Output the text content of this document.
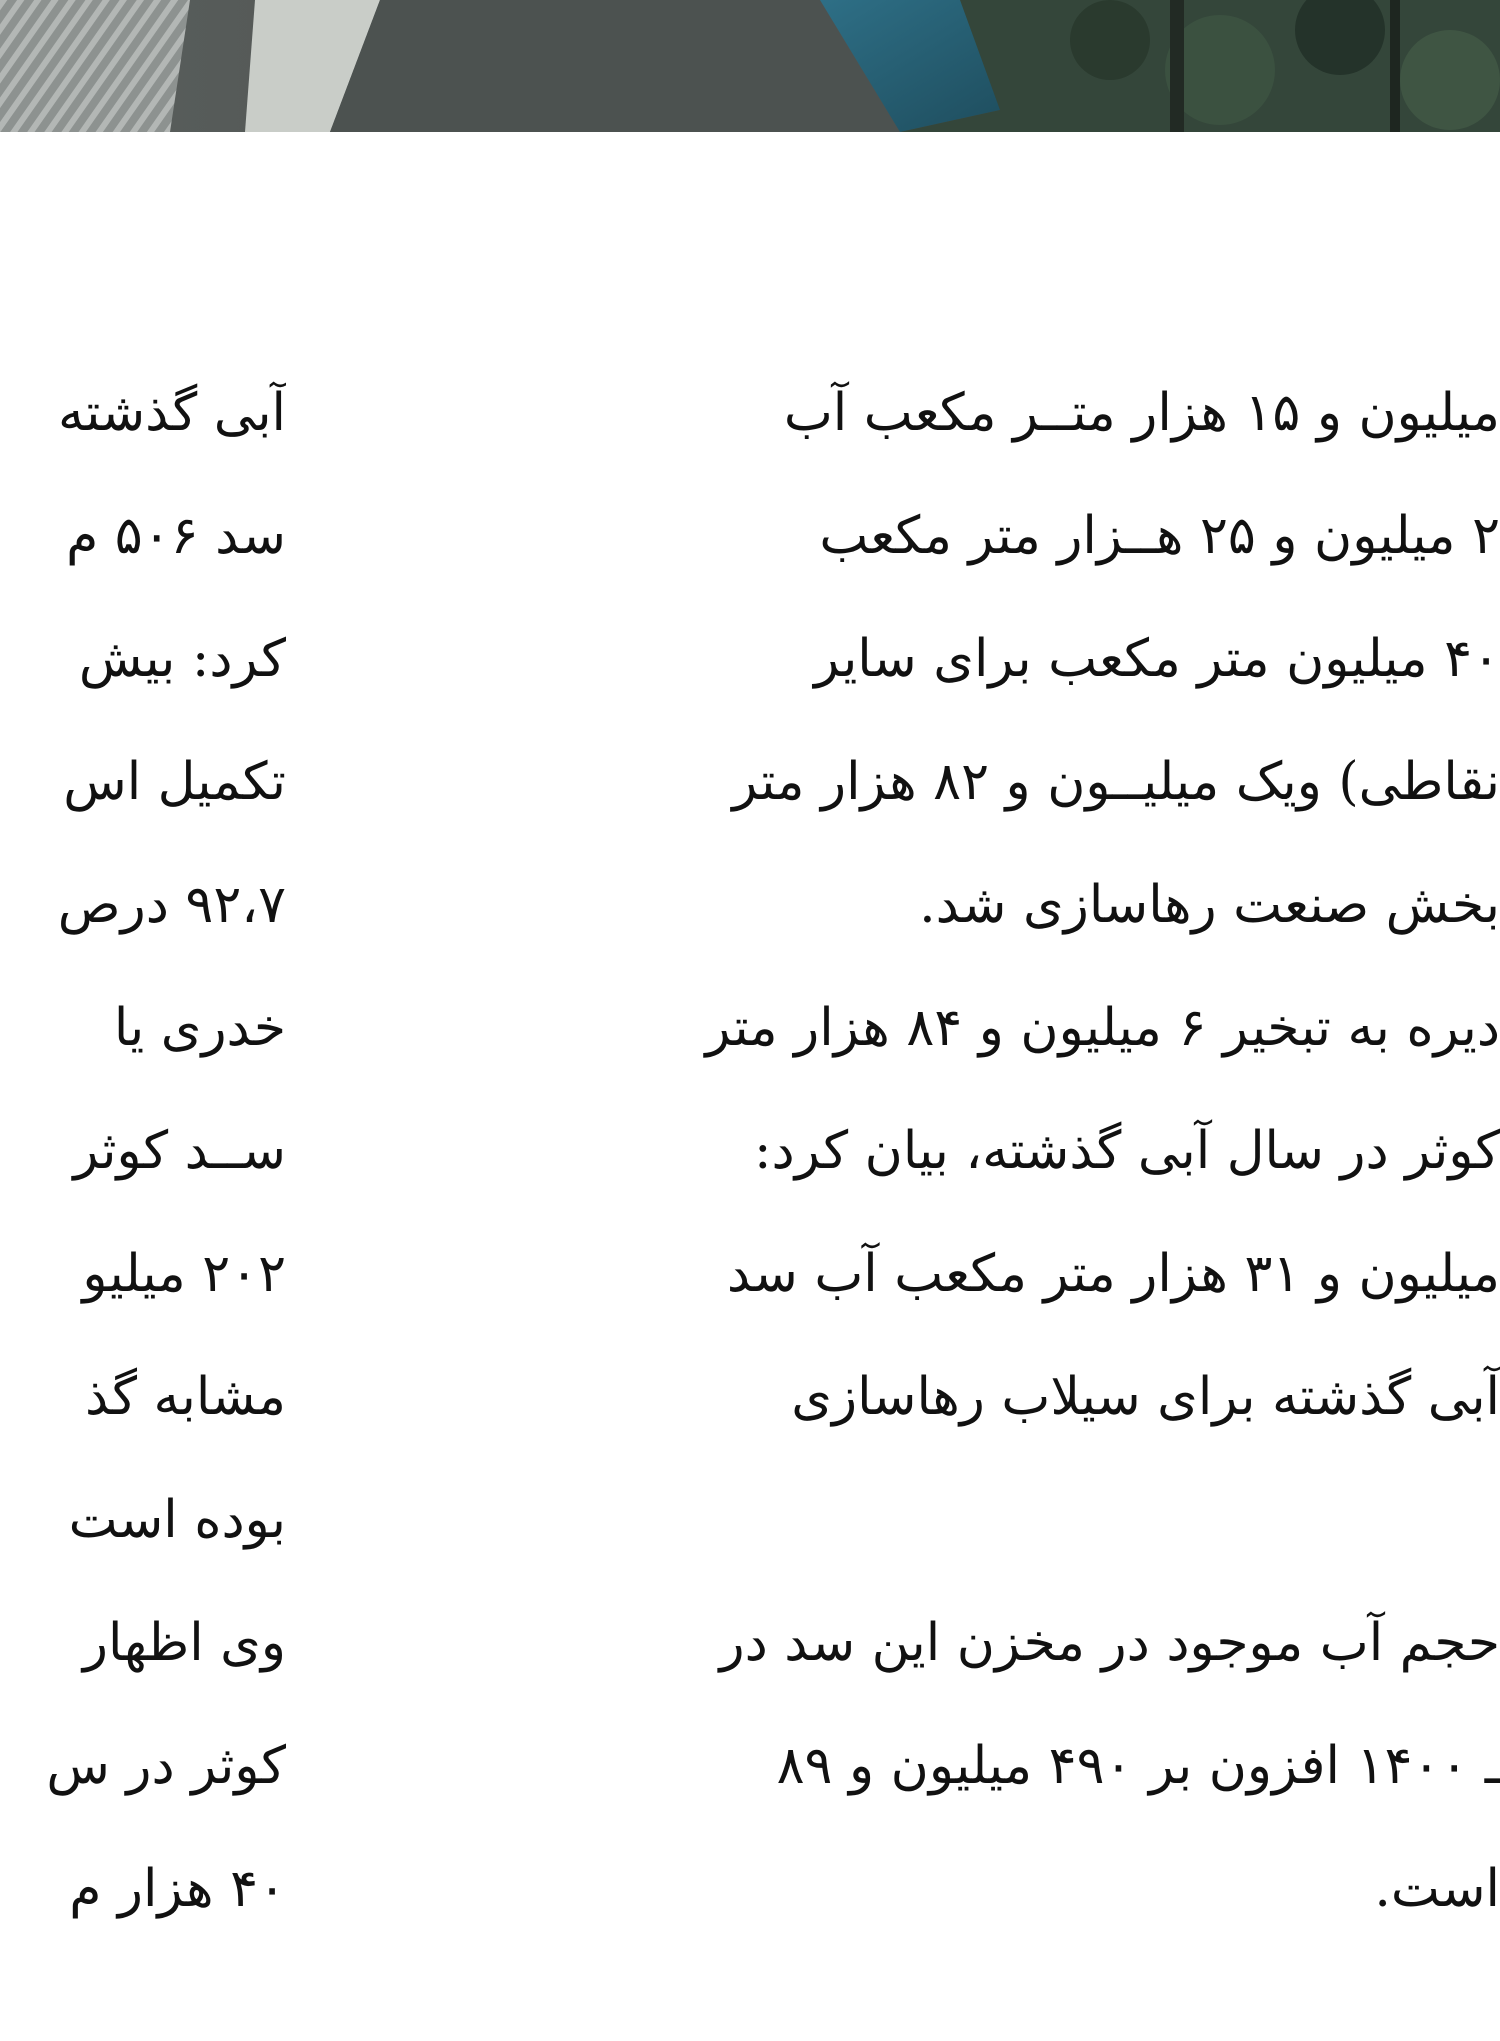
میلیون و ۱۵ هزار متــر مکعب آب
۲ میلیون و ۲۵ هــزار متر مکعب
۴۰ میلیون متر مکعب برای سایر
نقاطی) ویک میلیــون و ۸۲ هزار متر
بخش صنعت رهاسازی شد.
دیره به تبخیر ۶ میلیون و ۸۴ هزار متر
کوثر در سال آبی گذشته، بیان کرد:
میلیون و ۳۱ هزار متر مکعب آب سد
آبی گذشته برای سیلاب رهاسازی
حجم آب موجود در مخزن این سد در
ـ ۱۴۰۰ افزون بر ۴۹۰ میلیون و ۸۹
است.
آبی گذشته
سد ۵۰۶ م
کرد: بیش
تکمیل اس
۹۲،۷ درص
خدری یا
ســد کوثر
۲۰۲ میلیو
مشابه گذ
بوده است
وی اظهار
کوثر در س
۴۰ هزار م
